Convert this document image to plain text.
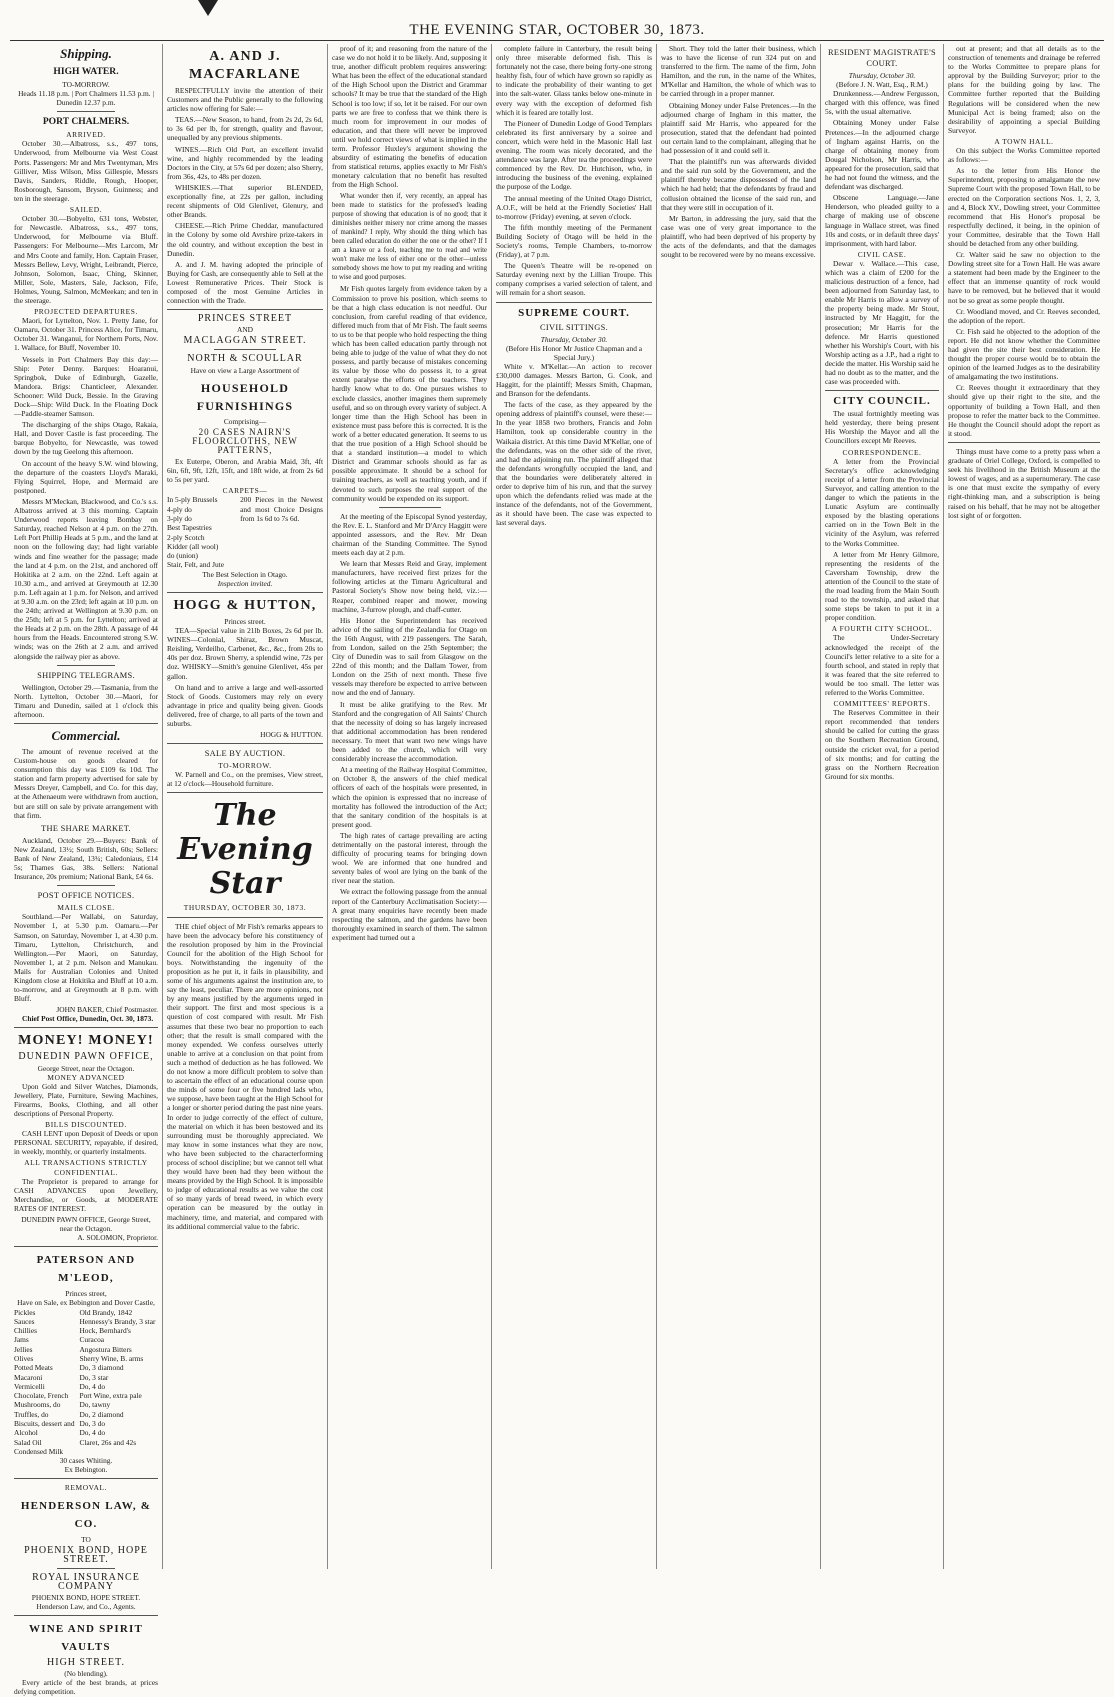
THE EVENING STAR, OCTOBER 30, 1873.
Shipping.
HIGH WATER.
TO-MORROW.
Heads 11.18 p.m. | Port Chalmers 11.53 p.m. | Dunedin 12.37 p.m.
PORT CHALMERS.
ARRIVED.
October 30.—Albatross, s.s., 497 tons, Underwood, from Melbourne via West Coast Ports. Passengers: Mr and Mrs Twentyman, Mrs Gilliver, Miss Wilson, Miss Gillespie, Messrs Davis, Sanders, Riddle, Rough, Hooper, Rosborough, Sansom, Bryson, Guinness; and ten in the steerage.
SAILED.
October 30.—Bobyelto, 631 tons, Webster, for Newcastle. Albatross, s.s., 497 tons, Underwood, for Melbourne via Bluff. Passengers: For Melbourne—Mrs Larcom, Mr and Mrs Coote and family, Hon. Captain Fraser, Messrs Bellew, Levy, Wright, Leibrandt, Pierce, Johnson, Solomon, Isaac, Ching, Skinner, Miller, Sole, Masters, Sale, Jackson, Fife, Holmes, Young, Salmon, McMeekan; and ten in the steerage.
PROJECTED DEPARTURES.
Maori, for Lyttelton, Nov. 1. Pretty Jane, for Oamaru, October 31. Princess Alice, for Timaru, October 31. Wanganui, for Northern Ports, Nov. 1. Wallace, for Bluff, November 10.
Vessels in Port Chalmers Bay this day:— Ship: Peter Denny. Barques: Hoaranui, Springbok, Duke of Edinburgh, Gazelle, Mandora. Brigs: Chanticleer, Alexander. Schooner: Wild Duck, Bessie. In the Graving Dock—Ship: Wild Duck. In the Floating Dock—Paddle-steamer Samson.
The discharging of the ships Otago, Rakaia, Hall, and Dover Castle is fast proceeding. The barque Bobyelto, for Newcastle, was towed down by the tug Geelong this afternoon.
On account of the heavy S.W. wind blowing, the departure of the coasters Lloyd's Maraki, Flying Squirrel, Hope, and Mermaid are postponed.
Messrs M'Meckan, Blackwood, and Co.'s s.s. Albatross arrived at 3 this morning. Captain Underwood reports leaving Bombay on Saturday, reached Nelson at 4 p.m. on the 27th. Left Port Phillip Heads at 5 p.m., and the land at noon on the following day; had light variable winds and fine weather for the passage; made the land at 4 p.m. on the 21st, and anchored off Hokitika at 2 a.m. on the 22nd. Left again at 10.30 a.m., and arrived at Greymouth at 12.30 p.m. Left again at 1 p.m. for Nelson, and arrived at 9.30 a.m. on the 23rd; left again at 10 p.m. on the 24th; arrived at Wellington at 9.30 p.m. on the 25th; left at 5 p.m. for Lyttelton; arrived at the Heads at 2 p.m. on the 28th. A passage of 44 hours from the Heads. Encountered strong S.W. winds; was on the 26th at 2 a.m. and arrived alongside the railway pier as above.
SHIPPING TELEGRAMS.
Wellington, October 29.—Tasmania, from the North. Lyttelton, October 30.—Maori, for Timaru and Dunedin, sailed at 1 o'clock this afternoon.
Commercial.
The amount of revenue received at the Custom-house on goods cleared for consumption this day was £109 6s 10d. The station and farm property advertised for sale by Messrs Dreyer, Campbell, and Co. for this day, at the Athenaeum were withdrawn from auction, but are still on sale by private arrangement with that firm.
THE SHARE MARKET.
Auckland, October 29.—Buyers: Bank of New Zealand, 13½; South British, 60s; Sellers: Bank of New Zealand, 13¾; Caledoniaus, £14 5s; Thames Gas, 38s. Sellers: National Insurance, 20s premium; National Bank, £4 6s.
POST OFFICE NOTICES.
MAILS CLOSE.
Southland.—Per Wallabi, on Saturday, November 1, at 5.30 p.m. Oamaru.—Per Samson, on Saturday, November 1, at 4.30 p.m. Timaru, Lyttelton, Christchurch, and Wellington.—Per Maori, on Saturday, November 1, at 2 p.m. Nelson and Manukau. Mails for Australian Colonies and United Kingdom close at Hokitika and Bluff at 10 a.m. to-morrow, and at Greymouth at 8 p.m. with Bluff.
JOHN BAKER, Chief Postmaster.
Chief Post Office, Dunedin, Oct. 30, 1873.
MONEY! MONEY!
DUNEDIN PAWN OFFICE,
George Street, near the Octagon.
MONEY ADVANCED
Upon Gold and Silver Watches, Diamonds, Jewellery, Plate, Furniture, Sewing Machines, Firearms, Books, Clothing, and all other descriptions of Personal Property.
BILLS DISCOUNTED.
CASH LENT upon Deposit of Deeds or upon PERSONAL SECURITY, repayable, if desired, in weekly, monthly, or quarterly instalments.
ALL TRANSACTIONS STRICTLY CONFIDENTIAL.
The Proprietor is prepared to arrange for CASH ADVANCES upon Jewellery, Merchandise, or Goods, at MODERATE RATES OF INTEREST.
DUNEDIN PAWN OFFICE, George Street, near the Octagon.
A. SOLOMON, Proprietor.
PATERSON AND M'LEOD,
Princes street,
Have on Sale, ex Bebington and Dover Castle,
Pickles
Sauces
Chillies
Jams
Jellies
Olives
Potted Meats
Macaroni
Vermicelli
Chocolate, French
Mushrooms, do
Truffles, do
Biscuits, dessert and
Alcohol
Salad Oil
Condensed Milk
Old Brandy, 1842
Hennessy's Brandy, 3 star
Hock, Bernhard's
Curacoa
Angostura Bitters
Sherry Wine, B. arms
Do, 3 diamond
Do, 3 star
Do, 4 do
Port Wine, extra pale
Do, tawny
Do, 2 diamond
Do, 3 do
Do, 4 do
Claret, 26s and 42s
30 cases Whiting.
Ex Bebington.
REMOVAL.
HENDERSON LAW, & CO.
TO
PHOENIX BOND, HOPE STREET.
ROYAL INSURANCE COMPANY
PHOENIX BOND, HOPE STREET.
Henderson Law, and Co., Agents.
WINE AND SPIRIT VAULTS
HIGH STREET.
(No blending).
Every article of the best brands, at prices defying competition.
A. AND J. MACFARLANE
RESPECTFULLY invite the attention of their Customers and the Public generally to the following articles now offering for Sale:—
TEAS.—New Season, to hand, from 2s 2d, 2s 6d, to 3s 6d per lb, for strength, quality and flavour, unequalled by any previous shipments.
WINES.—Rich Old Port, an excellent invalid wine, and highly recommended by the leading Doctors in the City, at 57s 6d per dozen; also Sherry, from 36s, 42s, to 48s per dozen.
WHISKIES.—That superior BLENDED, exceptionally fine, at 22s per gallon, including recent shipments of Old Glenlivet, Glenury, and other Brands.
CHEESE.—Rich Prime Cheddar, manufactured in the Colony by some old Avrshire prize-takers in the old country, and without exception the best in Dunedin.
A. and J. M. having adopted the principle of Buying for Cash, are consequently able to Sell at the Lowest Remunerative Prices. Their Stock is composed of the most Genuine Articles in connection with the Trade.
PRINCES STREET
AND
MACLAGGAN STREET.
NORTH & SCOULLAR
Have on view a Large Assortment of
HOUSEHOLD FURNISHINGS
Comprising—
20 CASES NAIRN'S FLOORCLOTHS, NEW PATTERNS,
Ex Euterpe, Oberon, and Arabia Maid, 3ft, 4ft 6in, 6ft, 9ft, 12ft, 15ft, and 18ft wide, at from 2s 6d to 5s per yard.
CARPETS—
In 5-ply Brussels
4-ply do
3-ply do
Best Tapestries
2-ply Scotch
Kidder (all wool)
do (union)
Stair, Felt, and Jute
200 Pieces in the Newest and most Choice Designs from 1s 6d to 7s 6d.
The Best Selection in Otago.
Inspection invited.
HOGG & HUTTON,
Princes street.
TEA—Special value in 21lb Boxes, 2s 6d per lb. WINES—Colonial, Shiraz, Brown Muscat, Reisling, Verdeilho, Carbenet, &c., &c., from 20s to 40s per doz. Brown Sherry, a splendid wine, 72s per doz. WHISKY—Smith's genuine Glenlivet, 45s per gallon.
On hand and to arrive a large and well-assorted Stock of Goods. Customers may rely on every advantage in price and quality being given. Goods delivered, free of charge, to all parts of the town and suburbs.
HOGG & HUTTON.
SALE BY AUCTION.
TO-MORROW.
W. Parnell and Co., on the premises, View street, at 12 o'clock—Household furniture.
The Evening Star
THURSDAY, OCTOBER 30, 1873.
THE chief object of Mr Fish's remarks appears to have been the advocacy before his constituency of the resolution proposed by him in the Provincial Council for the abolition of the High School for boys. Notwithstanding the ingenuity of the proposition as he put it, it fails in plausibility, and some of his arguments against the institution are, to say the least, peculiar. There are more opinions, not by any means justified by the arguments urged in their support. The first and most specious is a question of cost compared with result. Mr Fish assumes that these two bear no proportion to each other; that the result is small compared with the money expended. We confess ourselves utterly unable to arrive at a conclusion on that point from such a method of deduction as he has followed. We do not know a more difficult problem to solve than to ascertain the effect of an educational course upon the minds of some four or five hundred lads who, we suppose, have been taught at the High School for a longer or shorter period during the past nine years. In order to judge correctly of the effect of culture, the material on which it has been bestowed and its surrounding must be thoroughly appreciated. We may know in some instances what they are now, who have been subjected to the characterforming process of school discipline; but we cannot tell what they would have been had they been without the means provided by the High School. It is impossible to judge of educational results as we value the cost of so many yards of bread tweed, in which every operation can be measured by the outlay in machinery, time, and material, and compared with its additional commercial value to the fabric.
proof of it; and reasoning from the nature of the case we do not hold it to be likely. And, supposing it true, another difficult problem requires answering: What has been the effect of the educational standard of the High School upon the District and Grammar schools? It may be true that the standard of the High School is too low; if so, let it be raised. For our own parts we are free to confess that we think there is much room for improvement in our modes of education, and that there will never be improved until we hold correct views of what is implied in the term. Professor Huxley's argument showing the absurdity of estimating the benefits of education from statistical returns, applies exactly to Mr Fish's monetary calculation that no benefit has resulted from the High School.
What wonder then if, very recently, an appeal has been made to statistics for the professed's leading purpose of showing that education is of no good; that it diminishes neither misery nor crime among the masses of mankind? I reply, Why should the thing which has been called education do either the one or the other? If I am a knave or a fool, teaching me to read and write won't make me less of either one or the other—unless somebody shows me how to put my reading and writing to wise and good purposes.
Mr Fish quotes largely from evidence taken by a Commission to prove his position, which seems to be that a high class education is not needful. Our conclusion, from careful reading of that evidence, differed much from that of Mr Fish. The fault seems to us to be that people who hold respecting the thing which has been called education partly through not being able to judge of the value of what they do not possess, and partly because of mistakes concerning its value by those who do possess it, to a great extent paralyse the efforts of the teachers. They hardly know what to do. One pursues wishes to exclude classics, another imagines them supremely useful, and so on through every variety of subject. A longer time than the High School has been in existence must pass before this is corrected. It is the work of a better educated generation. It seems to us that the true position of a High School should be that a standard institution—a model to which District and Grammar schools should as far as possible approximate. It should be a school for training teachers, as well as teaching youth, and if devoted to such purposes the real support of the community would be expended on its support.
At the meeting of the Episcopal Synod yesterday, the Rev. E. L. Stanford and Mr D'Arcy Haggitt were appointed assessors, and the Rev. Mr Dean chairman of the Standing Committee. The Synod meets each day at 2 p.m.
We learn that Messrs Reid and Gray, implement manufacturers, have received first prizes for the following articles at the Timaru Agricultural and Pastoral Society's Show now being held, viz.:—Reaper, combined reaper and mower, mowing machine, 3-furrow plough, and chaff-cutter.
His Honor the Superintendent has received advice of the sailing of the Zealandia for Otago on the 16th August, with 219 passengers. The Sarah, from London, sailed on the 25th September; the City of Dunedin was to sail from Glasgow on the 22nd of this month; and the Dallam Tower, from London on the 25th of next month. These five vessels may therefore be expected to arrive between now and the end of January.
It must be alike gratifying to the Rev. Mr Stanford and the congregation of All Saints' Church that the necessity of doing so has largely increased that additional accommodation has been rendered necessary. To meet that want two new wings have been added to the church, which will very considerably increase the accommodation.
At a meeting of the Railway Hospital Committee, on October 8, the answers of the chief medical officers of each of the hospitals were presented, in which the opinion is expressed that no increase of mortality has followed the introduction of the Act; that the sanitary condition of the hospitals is at present good.
The high rates of cartage prevailing are acting detrimentally on the pastoral interest, through the difficulty of procuring teams for bringing down wool. We are informed that one hundred and seventy bales of wool are lying on the bank of the river near the station.
We extract the following passage from the annual report of the Canterbury Acclimatisation Society:—A great many enquiries have recently been made respecting the salmon, and the gardens have been thoroughly examined in search of them. The salmon experiment had turned out a
complete failure in Canterbury, the result being only three miserable deformed fish. This is fortunately not the case, there being forty-one strong healthy fish, four of which have grown so rapidly as to indicate the probability of their wanting to get into the salt-water. Glass tanks below one-minute in every way with the exception of deformed fish which it is feared are totally lost.
The Pioneer of Dunedin Lodge of Good Templars celebrated its first anniversary by a soiree and concert, which were held in the Masonic Hall last evening. The room was nicely decorated, and the attendance was large. After tea the proceedings were commenced by the Rev. Dr. Hutchison, who, in introducing the business of the evening, explained the purpose of the Lodge.
The annual meeting of the United Otago District, A.O.F., will be held at the Friendly Societies' Hall to-morrow (Friday) evening, at seven o'clock.
The fifth monthly meeting of the Permanent Building Society of Otago will be held in the Society's rooms, Temple Chambers, to-morrow (Friday), at 7 p.m.
The Queen's Theatre will be re-opened on Saturday evening next by the Lillian Troupe. This company comprises a varied selection of talent, and will remain for a short season.
SUPREME COURT.
CIVIL SITTINGS.
Thursday, October 30.
(Before His Honor Mr Justice Chapman and a Special Jury.)
White v. M'Kellar.—An action to recover £30,000 damages. Messrs Barton, G. Cook, and Haggitt, for the plaintiff; Messrs Smith, Chapman, and Branson for the defendants.
The facts of the case, as they appeared by the opening address of plaintiff's counsel, were these:—In the year 1858 two brothers, Francis and John Hamilton, took up considerable country in the Waikaia district. At this time David M'Kellar, one of the defendants, was on the other side of the river, and had the adjoining run. The plaintiff alleged that the defendants wrongfully occupied the land, and that the boundaries were deliberately altered in order to deprive him of his run, and that the survey upon which the defendants relied was made at the instance of the defendants, not of the Government, as it should have been. The case was expected to last several days.
Short. They told the latter their business, which was to have the license of run 324 put on and transferred to the firm. The name of the firm, John Hamilton, and the run, in the name of the Whites, M'Kellar and Hamilton, the whole of which was to be carried through in a proper manner.
Obtaining Money under False Pretences.—In the adjourned charge of Ingham in this matter, the plaintiff said Mr Harris, who appeared for the prosecution, stated that the defendant had pointed out certain land to the complainant, alleging that he had possession of it and could sell it.
That the plaintiff's run was afterwards divided and the said run sold by the Government, and the plaintiff thereby became dispossessed of the land which he had held; that the defendants by fraud and collusion obtained the license of the said run, and that they were still in occupation of it.
Mr Barton, in addressing the jury, said that the case was one of very great importance to the plaintiff, who had been deprived of his property by the acts of the defendants, and that the damages sought to be recovered were by no means excessive.
RESIDENT MAGISTRATE'S COURT.
Thursday, October 30.
(Before J. N. Watt, Esq., R.M.)
Drunkenness.—Andrew Fergusson, charged with this offence, was fined 5s, with the usual alternative.
Obtaining Money under False Pretences.—In the adjourned charge of Ingham against Harris, on the charge of obtaining money from Dougal Nicholson, Mr Harris, who appeared for the prosecution, said that he had not found the witness, and the defendant was discharged.
Obscene Language.—Jane Henderson, who pleaded guilty to a charge of making use of obscene language in Wallace street, was fined 10s and costs, or in default three days' imprisonment, with hard labor.
CIVIL CASE.
Dewar v. Wallace.—This case, which was a claim of £200 for the malicious destruction of a fence, had been adjourned from Saturday last, to enable Mr Harris to allow a survey of the property being made. Mr Stout, instructed by Mr Haggitt, for the prosecution; Mr Harris for the defence. Mr Harris questioned whether his Worship's Court, with his Worship acting as a J.P., had a right to decide the matter. His Worship said he had no doubt as to the matter, and the case was proceeded with.
CITY COUNCIL.
The usual fortnightly meeting was held yesterday, there being present His Worship the Mayor and all the Councillors except Mr Reeves.
CORRESPONDENCE.
A letter from the Provincial Secretary's office acknowledging receipt of a letter from the Provincial Surveyor, and calling attention to the danger to which the patients in the Lunatic Asylum are continually exposed by the blasting operations carried on in the Town Belt in the vicinity of the Asylum, was referred to the Works Committee.
A letter from Mr Henry Gilmore, representing the residents of the Caversham Township, drew the attention of the Council to the state of the road leading from the Main South road to the township, and asked that some steps be taken to put it in a proper condition.
A FOURTH CITY SCHOOL.
The Under-Secretary acknowledged the receipt of the Council's letter relative to a site for a fourth school, and stated in reply that it was feared that the site referred to would be too small. The letter was referred to the Works Committee.
COMMITTEES' REPORTS.
The Reserves Committee in their report recommended that tenders should be called for cutting the grass on the Southern Recreation Ground, outside the cricket oval, for a period of six months; and for cutting the grass on the Northern Recreation Ground for six months.
out at present; and that all details as to the construction of tenements and drainage be referred to the Works Committee to prepare plans for approval by the Building Surveyor; prior to the plans for the building going by law. The Committee further reported that the Building Regulations will be considered when the new Municipal Act is being framed; also on the desirability of appointing a special Building Surveyor.
A TOWN HALL.
On this subject the Works Committee reported as follows:—
As to the letter from His Honor the Superintendent, proposing to amalgamate the new Supreme Court with the proposed Town Hall, to be erected on the Corporation sections Nos. 1, 2, 3, and 4, Block XV., Dowling street, your Committee recommend that His Honor's proposal be respectfully declined, it being, in the opinion of your Committee, desirable that the Town Hall should be detached from any other building.
Cr. Walter said he saw no objection to the Dowling street site for a Town Hall. He was aware a statement had been made by the Engineer to the effect that an immense quantity of rock would have to be removed, but he believed that it would not be so great as some people thought.
Cr. Woodland moved, and Cr. Reeves seconded, the adoption of the report.
Cr. Fish said he objected to the adoption of the report. He did not know whether the Committee had given the site their best consideration. He thought the proper course would be to obtain the opinion of the learned Judges as to the desirability of amalgamating the two institutions.
Cr. Reeves thought it extraordinary that they should give up their right to the site, and the opportunity of building a Town Hall, and then propose to refer the matter back to the Committee. He thought the Council should adopt the report as it stood.
Things must have come to a pretty pass when a graduate of Oriel College, Oxford, is compelled to seek his livelihood in the British Museum at the lowest of wages, and as a supernumerary. The case is one that must excite the sympathy of every right-thinking man, and a subscription is being raised on his behalf, that he may not be altogether lost sight of or forgotten.
